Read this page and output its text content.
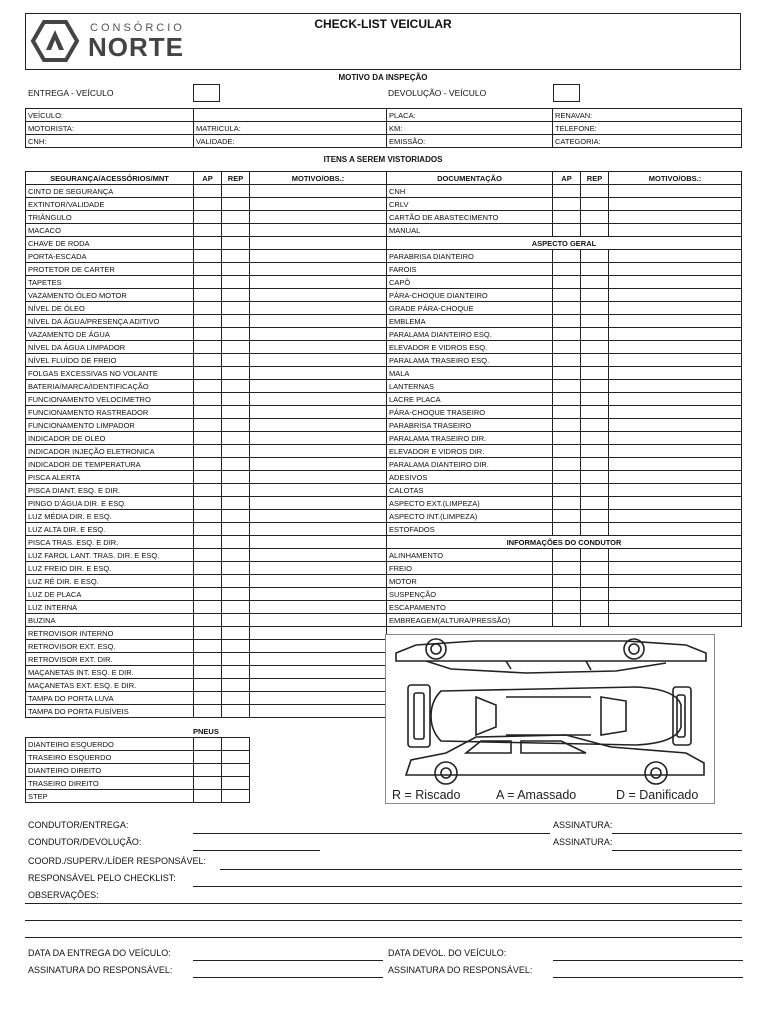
CONSÓRCIO
NORTE
CHECK-LIST VEICULAR
MOTIVO DA INSPEÇÃO
ENTREGA - VEÍCULO	DEVOLUÇÃO - VEÍCULO
VEÍCULO:		PLACA:	RENAVAN:
MOTORISTA:	MATRICULA:	KM:	TELEFONE:
CNH:	VALIDADE:	EMISSÃO:	CATEGORIA:
ITENS A SEREM VISTORIADOS
SEGURANÇA/ACESSÓRIOS/MNT	AP	REP	MOTIVO/OBS.:
CINTO DE SEGURANÇA			
EXTINTOR/VALIDADE			
TRIÂNGULO			
MACACO			
CHAVE DE RODA			
PORTA-ESCADA			
PROTETOR DE CARTER			
TAPETES			
VAZAMENTO ÓLEO MOTOR			
NÍVEL DE ÓLEO			
NÍVEL DA ÁGUA/PRESENÇA ADITIVO			
VAZAMENTO DE ÁGUA			
NÍVEL DA ÁGUA LIMPADOR			
NÍVEL FLUÍDO DE FREIO			
FOLGAS EXCESSIVAS NO VOLANTE			
BATERIA/MARCA/IDENTIFICAÇÃO			
FUNCIONAMENTO VELOCIMETRO			
FUNCIONAMENTO RASTREADOR			
FUNCIONAMENTO LIMPADOR			
INDICADOR DE OLEO			
INDICADOR INJEÇÃO ELETRONICA			
INDICADOR DE TEMPERATURA			
PISCA ALERTA			
PISCA DIANT. ESQ. E DIR.			
PINGO D'ÁGUA DIR. E ESQ.			
LUZ MÉDIA DIR. E ESQ.			
LUZ ALTA DIR. E ESQ.			
PISCA TRAS. ESQ. E DIR.			
LUZ FAROL LANT. TRAS. DIR. E ESQ.			
LUZ FREIO DIR. E ESQ.			
LUZ RÉ DIR. E ESQ.			
LUZ DE PLACA			
LUZ INTERNA			
BUZINA			
RETROVISOR INTERNO			
RETROVISOR EXT. ESQ.			
RETROVISOR EXT. DIR.			
MAÇANETAS INT. ESQ. E DIR.			
MAÇANETAS EXT. ESQ. E DIR.			
TAMPA DO PORTA LUVA			
TAMPA DO PORTA FUSÍVEIS			
DOCUMENTAÇÃO	AP	REP	MOTIVO/OBS.:
CNH			
CRLV			
CARTÃO DE ABASTECIMENTO			
MANUAL			
ASPECTO GERAL			
PARABRISA DIANTEIRO			
FAROIS			
CAPÔ			
PÁRA-CHOQUE DIANTEIRO			
GRADE PÁRA-CHOQUE			
EMBLEMA			
PARALAMA DIANTEIRO ESQ.			
ELEVADOR E VIDROS ESQ.			
PARALAMA TRASEIRO ESQ.			
MALA			
LANTERNAS			
LACRE PLACA			
PÁRA-CHOQUE TRASEIRO			
PARABRISA TRASEIRO			
PARALAMA TRASEIRO DIR.			
ELEVADOR E VIDROS DIR.			
PARALAMA DIANTEIRO DIR.			
ADESIVOS			
CALOTAS			
ASPECTO EXT.(LIMPEZA)			
ASPECTO INT.(LIMPEZA)			
ESTOFADOS			
INFORMAÇÕES DO CONDUTOR			
ALINHAMENTO			
FREIO			
MOTOR			
SUSPENÇÃO			
ESCAPAMENTO			
EMBREAGEM(ALTURA/PRESSÃO)			
PNEUS
DIANTEIRO ESQUERDO		
TRASEIRO ESQUERDO		
DIANTEIRO DIREITO		
TRASEIRO DIREITO		
STEP			R = Riscado	A = Amassado	D = Danificado
CONDUTOR/ENTREGA:	ASSINATURA:
CONDUTOR/DEVOLUÇÃO:	ASSINATURA:
COORD./SUPERV./LÍDER RESPONSÁVEL:
RESPONSÁVEL PELO CHECKLIST:
OBSERVAÇÕES:
DATA DA ENTREGA DO VEÍCULO:	DATA DEVOL. DO VEÍCULO:
ASSINATURA DO RESPONSÁVEL:	ASSINATURA DO RESPONSÁVEL:
